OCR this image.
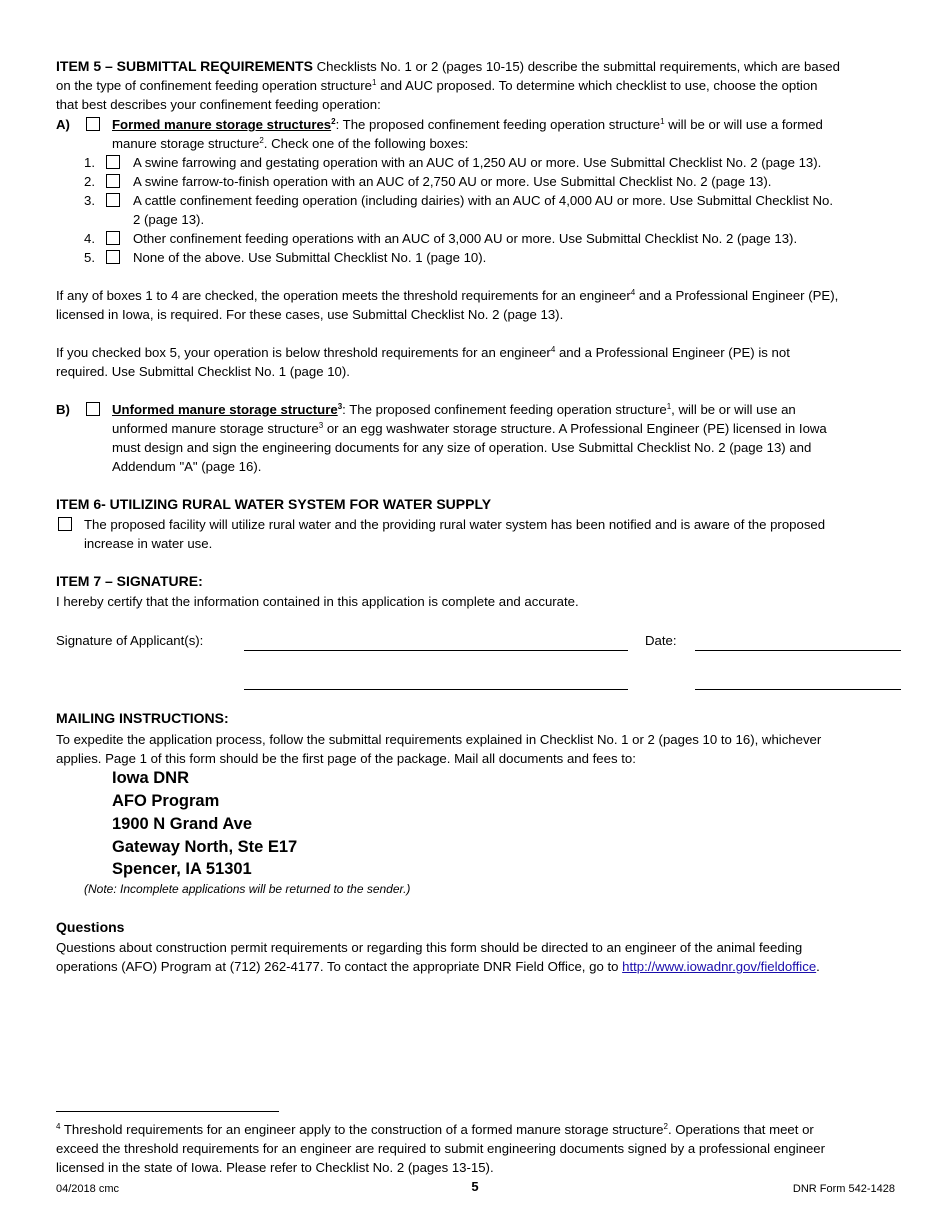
ITEM 5 – SUBMITTAL REQUIREMENTS Checklists No. 1 or 2 (pages 10-15) describe the submittal requirements, which are based
on the type of confinement feeding operation structure$^1$ and AUC proposed. To determine which checklist to use, choose the option
that best describes your confinement feeding operation:
A)	Formed manure storage structures$^2$: The proposed confinement feeding operation structure$^1$ will be or will use a formed
manure storage structure$^2$. Check one of the following boxes:
1.	A swine farrowing and gestating operation with an AUC of 1,250 AU or more. Use Submittal Checklist No. 2 (page 13).
2.	A swine farrow-to-finish operation with an AUC of 2,750 AU or more. Use Submittal Checklist No. 2 (page 13).
3.	A cattle confinement feeding operation (including dairies) with an AUC of 4,000 AU or more. Use Submittal Checklist No.
2 (page 13).
4.	Other confinement feeding operations with an AUC of 3,000 AU or more. Use Submittal Checklist No. 2 (page 13).
5.	None of the above. Use Submittal Checklist No. 1 (page 10).
If any of boxes 1 to 4 are checked, the operation meets the threshold requirements for an engineer$^4$ and a Professional Engineer (PE),
licensed in Iowa, is required. For these cases, use Submittal Checklist No. 2 (page 13).
If you checked box 5, your operation is below threshold requirements for an engineer$^4$ and a Professional Engineer (PE) is not
required. Use Submittal Checklist No. 1 (page 10).
B)	Unformed manure storage structure$^3$: The proposed confinement feeding operation structure$^1$, will be or will use an
unformed manure storage structure$^3$ or an egg washwater storage structure. A Professional Engineer (PE) licensed in Iowa
must design and sign the engineering documents for any size of operation. Use Submittal Checklist No. 2 (page 13) and
Addendum "A" (page 16).
ITEM 6- UTILIZING RURAL WATER SYSTEM FOR WATER SUPPLY
The proposed facility will utilize rural water and the providing rural water system has been notified and is aware of the proposed
increase in water use.
ITEM 7 – SIGNATURE:
I hereby certify that the information contained in this application is complete and accurate.
Signature of Applicant(s):	Date:
MAILING INSTRUCTIONS:
To expedite the application process, follow the submittal requirements explained in Checklist No. 1 or 2 (pages 10 to 16), whichever
applies. Page 1 of this form should be the first page of the package. Mail all documents and fees to:
Iowa DNR
AFO Program
1900 N Grand Ave
Gateway North, Ste E17
Spencer, IA 51301
(Note: Incomplete applications will be returned to the sender.)
Questions
Questions about construction permit requirements or regarding this form should be directed to an engineer of the animal feeding
operations (AFO) Program at (712) 262-4177. To contact the appropriate DNR Field Office, go to http://www.iowadnr.gov/fieldoffice.
$^4$ Threshold requirements for an engineer apply to the construction of a formed manure storage structure$^2$. Operations that meet or
exceed the threshold requirements for an engineer are required to submit engineering documents signed by a professional engineer
licensed in the state of Iowa. Please refer to Checklist No. 2 (pages 13-15).
04/2018 cmc	5	DNR Form 542-1428
